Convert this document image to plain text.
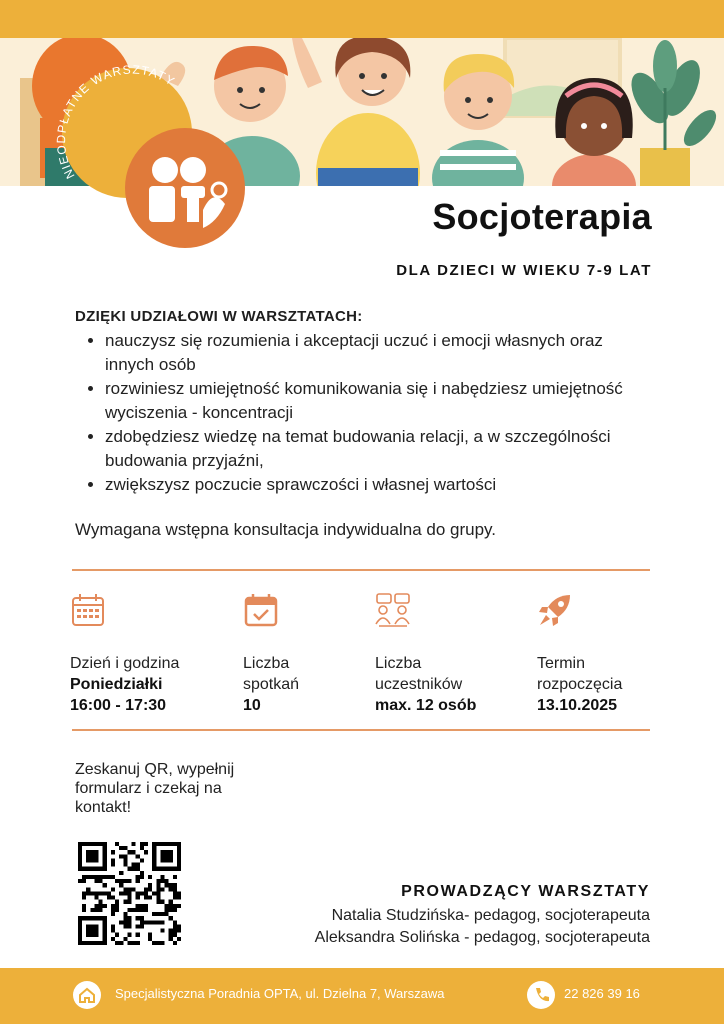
NIEODPŁATNE WARSZTATY
Socjoterapia
DLA DZIECI W WIEKU 7-9 LAT
DZIĘKI UDZIAŁOWI W WARSZTATACH:
• nauczysz się rozumienia i akceptacji uczuć i emocji własnych oraz innych osób
• rozwiniesz umiejętność komunikowania się i nabędziesz umiejętność wyciszenia - koncentracji
• zdobędziesz wiedzę na temat budowania relacji, a w szczególności budowania przyjaźni,
• zwiększysz poczucie sprawczości i własnej wartości
Wymagana wstępna konsultacja indywidualna do grupy.
Dzień i godzina
Poniedziałki
16:00 - 17:30
Liczba
spotkań
10
Liczba
uczestników
max. 12 osób
Termin
rozpoczęcia
13.10.2025
Zeskanuj QR, wypełnij formularz i czekaj na kontakt!
PROWADZĄCY WARSZTATY
Natalia Studzińska- pedagog, socjoterapeuta
Aleksandra Solińska - pedagog, socjoterapeuta
Specjalistyczna Poradnia OPTA, ul. Dzielna 7, Warszawa	22 826 39 16
